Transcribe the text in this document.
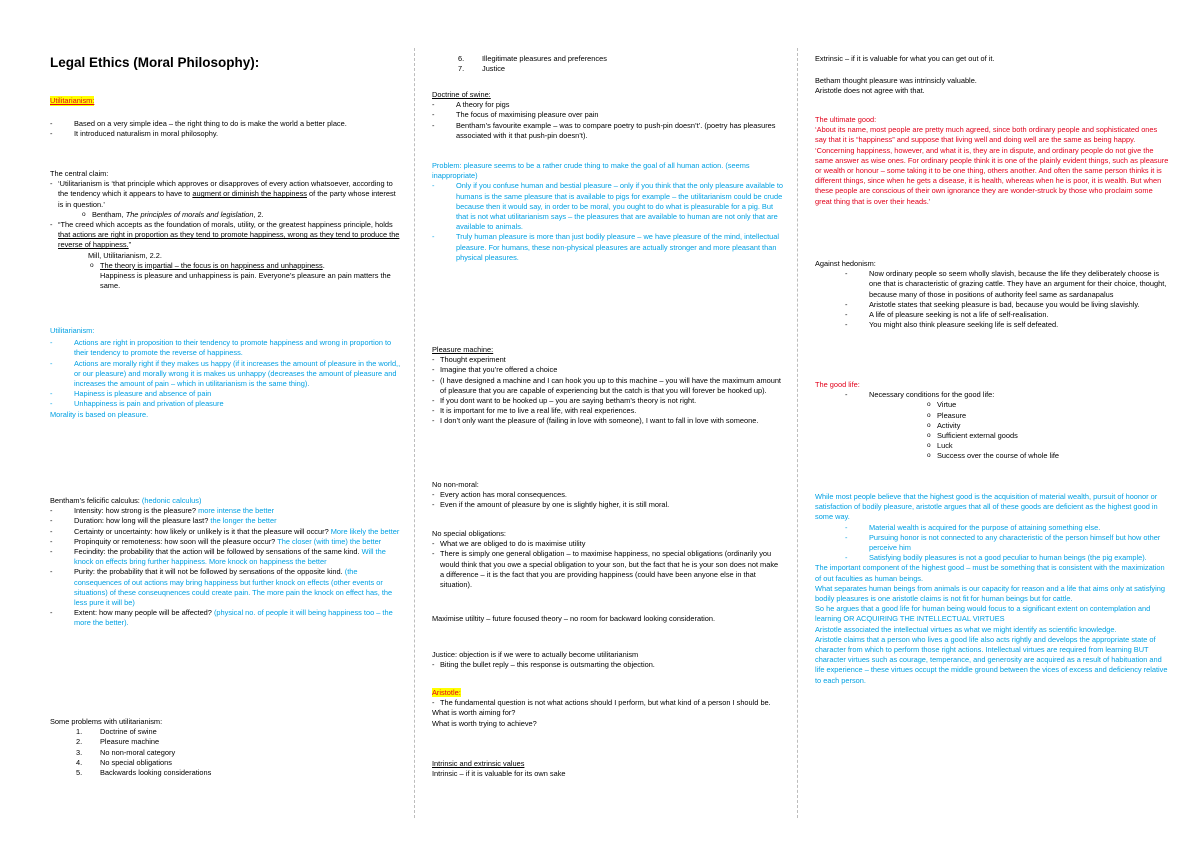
Legal Ethics (Moral Philosophy):

Utilitarianism:

- Based on a very simple idea – the right thing to do is make the world a better place.
- It introduced naturalism in moral philosophy.

The central claim:

- ‘Utilitarianism is ‘that principle which approves or disapproves of every action whatsoever, according to the tendency which it appears to have to augment or diminish the happiness of the party whose interest is in question.’
o Bentham, The principles of morals and legislation, 2.
- “The creed which accepts as the foundation of morals, utility, or the greatest happiness principle, holds that actions are right in proportion as they tend to promote happiness, wrong as they tend to produce the reverse of happiness.”

Mill, Utilitarianism, 2.2.

o The theory is impartial – the focus is on happiness and unhappiness.

Happiness is pleasure and unhappiness is pain. Everyone’s pleasure an pain matters the same.

Utilitarianism:

- Actions are right in proposition to their tendency to promote happiness and wrong in proportion to their tendency to promote the reverse of happiness.
- Actions are morally right if they makes us happy (if it increases the amount of pleasure in the world,, or our pleasure) and morally wrong it is makes us unhappy (decreases the amount of pleasure and increases the amount of pain – which in utilitarianism is the same thing).
- Hapiness is pleasure and absence of pain
- Unhappiness is pain and privation of pleasure

Morality is based on pleasure.

Bentham’s felicific calculus: (hedonic calculus)

- Intensity: how strong is the pleasure? more intense the better
- Duration: how long will the pleasure last? the longer the better
- Certainty or uncertainty: how likely or unlikely is it that the pleasure will occur? More likely the better
- Propinquity or remoteness: how soon will the pleasure occur? The closer (with time) the better
- Fecindity: the probability that the action will be followed by sensations of the same kind. Will the knock on effects bring further happiness. More knock on happiness the better
- Purity: the probability that it will not be followed by sensations of the opposite kind. (the consequences of out actions may bring happiness but further knock on effects (other events or situations) of these conseuqnences could create pain. The more pain the knock on effect has, the less pure it will be)
- Extent: how many people will be affected? (physical no. of people it will being happiness too – the more the better).

Some problems with utilitarianism:

1. Doctrine of swine
2. Pleasure machine
3. No non-moral category
4. No special obligations
5. Backwards looking considerations
6. Illegitimate pleasures and preferences
7. Justice

Doctrine of swine:

- A theory for pigs
- The focus of maximising pleasure over pain
- Bentham’s favourite example – was to compare poetry to push-pin doesn’t’. (poetry has pleasures associated with it that push-pin doesn’t).

Problem: pleasure seems to be a rather crude thing to make the goal of all human action. (seems inappropriate)

- Only if you confuse human and bestial pleasure – only if you think that the only pleasure available to humans is the same pleasure that is available to pigs for example – the utilitarianism could be crude because then it would say, in order to be moral, you ought to do what is pleasurable for a pig. But that is not what utilitarianism says – the pleasures that are available to human are not only that are available to animals.
- Truly human pleasure is more than just bodily pleasure – we have pleasure of the mind, intellectual pleasure. For humans, these non-physical pleasures are actually stronger and more pleasant than physical pleasures.

Pleasure machine:

- Thought experiment
- Imagine that you’re offered a choice
- (I have designed a machine and I can hook you up to this machine – you will have the maximum amount of pleasure that you are capable of experiencing but the catch is that you will forever be hooked up).
- If you dont want to be hooked up – you are saying betham’s theory is not right.
- It is important for me to live a real life, with real experiences.
- I don’t only want the pleasure of (failing in love with someone), I want to fall in love with someone.

No non-moral:

- Every action has moral consequences.
- Even if the amount of pleasure by one is slightly higher, it is still moral.

No special obligations:

- What we are obliged to do is maximise utility
- There is simply one general obligation – to maximise happiness, no special obligations (ordinarily you would think that you owe a special obligation to your son, but the fact that he is your son does not make a difference – it is the fact that you are providing happiness (could have been anyone else in that situation).

Maximise utiltity – future focused theory – no room for backward looking consideration.

Justice: objection is if we were to actually become utilitarianism

- Biting the bullet reply – this response is outsmarting the objection.

Aristotle:

- The fundamental question is not what actions should I perform, but what kind of a person I should be.

What is worth aiming for?

What is worth trying to achieve?

Intrinsic and extrinsic values

Intrinsic – if it is valuable for its own sake

Extrinsic – if it is valuable for what you can get out of it.

Betham thought pleasure was intrinsicly valuable.

Aristotle does not agree with that.

The ultimate good:

‘About its name, most people are pretty much agreed, since both ordinary people and sophisticated ones say that it is “happiness” and suppose that living well and doing well are the same as being happy.

‘Concerning happiness, however, and what it is, they are in dispute, and ordinary people do not give the same answer as wise ones. For ordinary people think it is one of the plainly evident things, such as pleasure or wealth or honour – some taking it to be one thing, others another. And often the same person thinks it is different things, since when he gets a disease, it is health, whereas when he is poor, it is wealth. But when these people are conscious of their own ignorance they are wonder-struck by those who proclaim some great thing that is over their heads.’

Against hedonism:

- Now ordinary people so seem wholly slavish, because the life they deliberately choose is one that is characteristic of grazing cattle. They have an argument for their choice, thought, because many of those in positions of authority feel same as sardanapalus
- Aristotle states that seeking pleasure is bad, because you would be living slavishly.
- A life of pleasure seeking is not a life of self-realisation.
- You might also think pleasure seeking life is self defeated.

The good life:

- Necessary conditions for the good life:
o Virtue
o Pleasure
o Activity
o Sufficient external goods
o Luck
o Success over the course of whole life

While most people believe that the highest good is the acquisition of material wealth, pursuit of hoonor or satisfaction of bodily pleasure, aristotle argues that all of these goods are deficient as the highest good in some way.

- Material wealth is acquired for the purpose of attaining something else.
- Pursuing honor is not connected to any characteristic of the person himself but how other perceive him
- Satisfying bodily pleasures is not a good peculiar to human beings (the pig example).

The important component of the highest good – must be something that is consistent with the maximization of out faculties as human beings.

What separates human beings from animals is our capacity for reason and a life that aims only at satisfying bodily pleasures is one aristotle claims is not fit for human beings but for cattle.

So he argues that a good life for human being would focus to a significant extent on contemplation and learning OR ACQUIRING THE INTELLECTUAL VIRTUES

Aristotle associated the intellectual virtues as what we might identify as scientific knowledge.

Aristotle claims that a person who lives a good life also acts rightly and develops the appropriate state of character from which to perform those right actions. Intellectual virtues are required from learning BUT character virtues such as courage, temperance, and generosity are acquired as a result of habituation and life experience – these virtues occupt the middle ground between the vices of excess and deficiency relative to each person.
